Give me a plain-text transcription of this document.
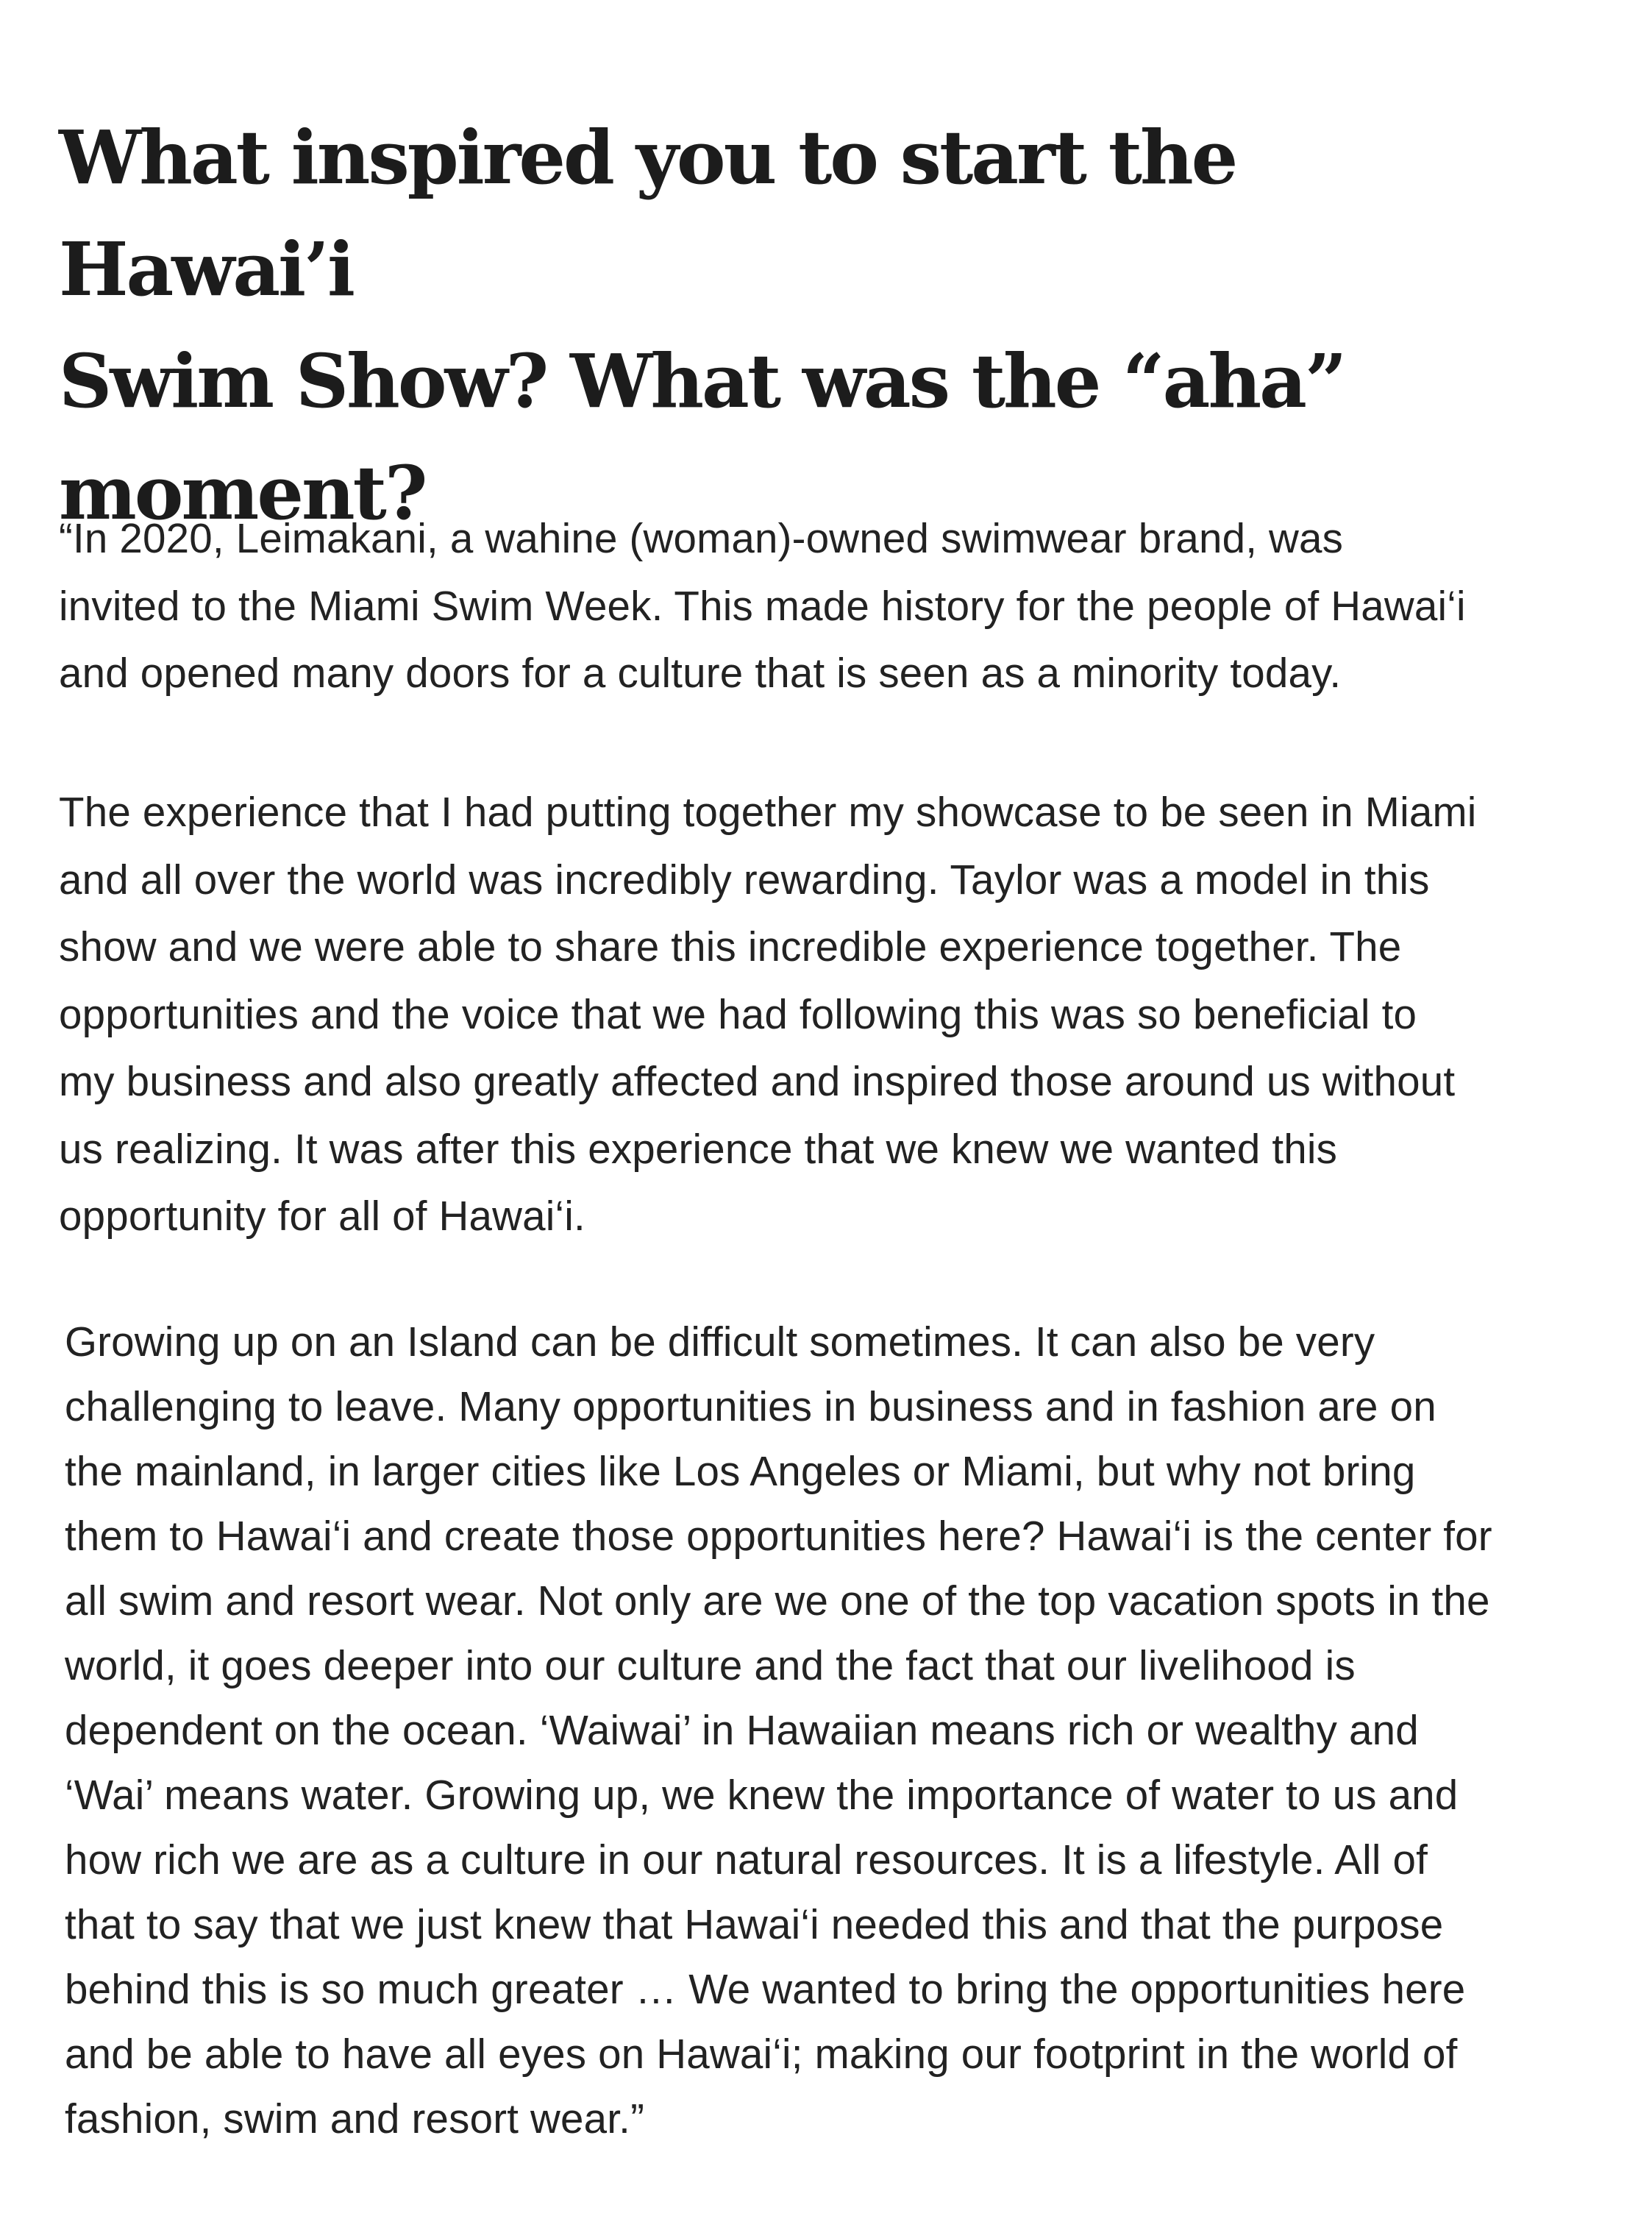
What inspired you to start the Hawai’i
Swim Show? What was the “aha”
moment?

“In 2020, Leimakani, a wahine (woman)-owned swimwear brand, was
invited to the Miami Swim Week. This made history for the people of Hawai‘i
and opened many doors for a culture that is seen as a minority today.

The experience that I had putting together my showcase to be seen in Miami
and all over the world was incredibly rewarding. Taylor was a model in this
show and we were able to share this incredible experience together. The
opportunities and the voice that we had following this was so beneficial to
my business and also greatly affected and inspired those around us without
us realizing. It was after this experience that we knew we wanted this
opportunity for all of Hawai‘i.

Growing up on an Island can be difficult sometimes. It can also be very
challenging to leave. Many opportunities in business and in fashion are on
the mainland, in larger cities like Los Angeles or Miami, but why not bring
them to Hawai‘i and create those opportunities here? Hawai‘i is the center for
all swim and resort wear. Not only are we one of the top vacation spots in the
world, it goes deeper into our culture and the fact that our livelihood is
dependent on the ocean. ‘Waiwai’ in Hawaiian means rich or wealthy and
‘Wai’ means water. Growing up, we knew the importance of water to us and
how rich we are as a culture in our natural resources. It is a lifestyle. All of
that to say that we just knew that Hawai‘i needed this and that the purpose
behind this is so much greater … We wanted to bring the opportunities here
and be able to have all eyes on Hawai‘i; making our footprint in the world of
fashion, swim and resort wear.”
